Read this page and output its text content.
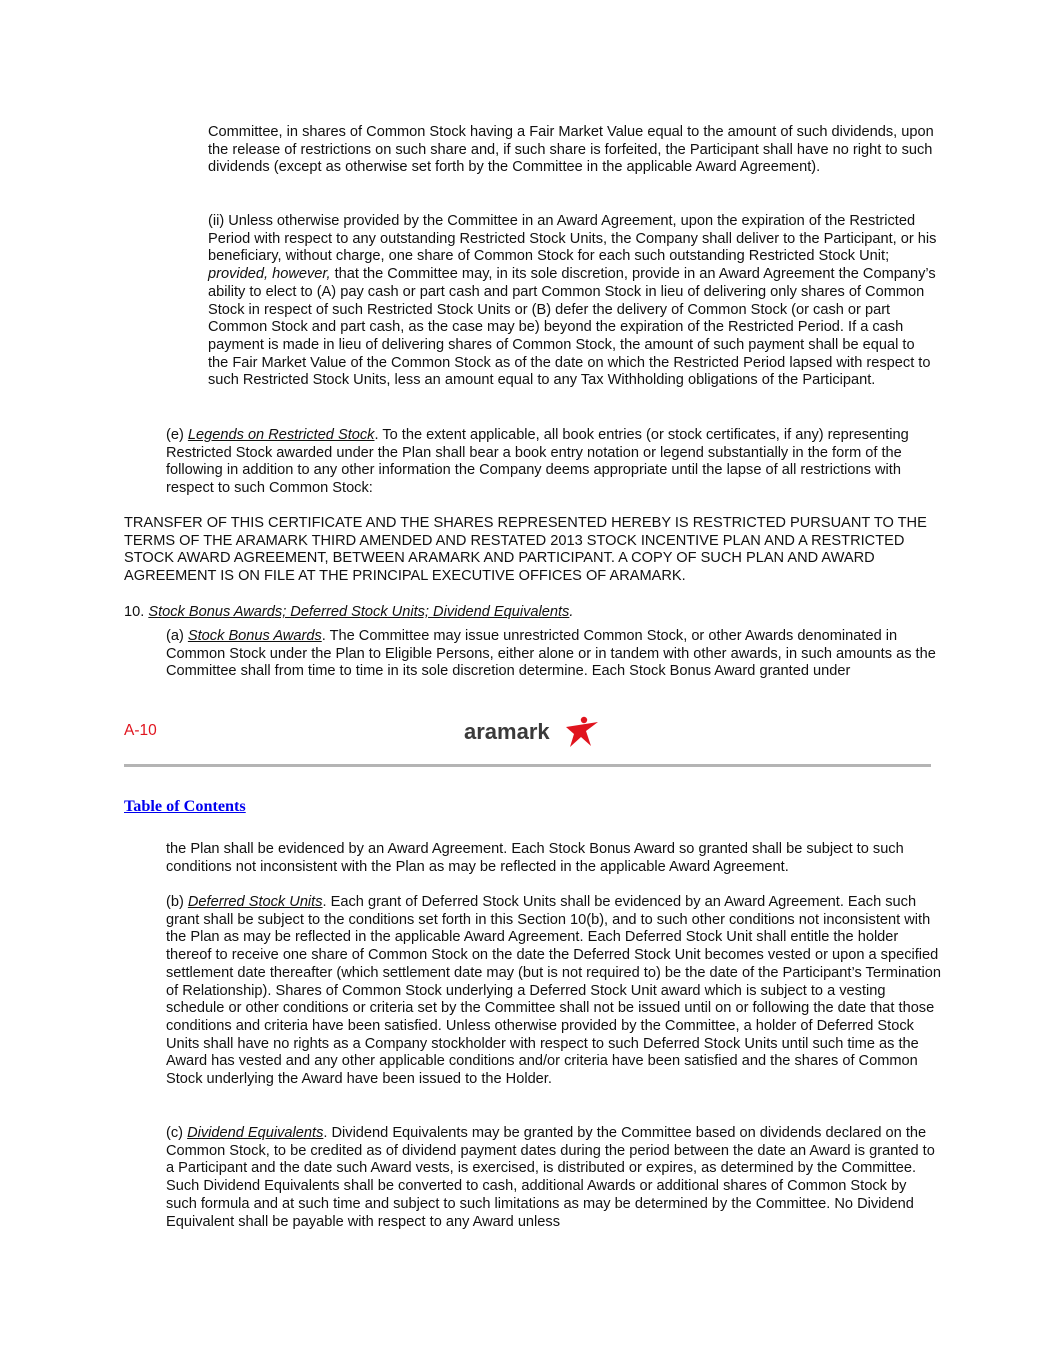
Committee, in shares of Common Stock having a Fair Market Value equal to the amount of such dividends, upon the release of restrictions on such share and, if such share is forfeited, the Participant shall have no right to such dividends (except as otherwise set forth by the Committee in the applicable Award Agreement).

(ii) Unless otherwise provided by the Committee in an Award Agreement, upon the expiration of the Restricted Period with respect to any outstanding Restricted Stock Units, the Company shall deliver to the Participant, or his beneficiary, without charge, one share of Common Stock for each such outstanding Restricted Stock Unit; provided, however, that the Committee may, in its sole discretion, provide in an Award Agreement the Company’s ability to elect to (A) pay cash or part cash and part Common Stock in lieu of delivering only shares of Common Stock in respect of such Restricted Stock Units or (B) defer the delivery of Common Stock (or cash or part Common Stock and part cash, as the case may be) beyond the expiration of the Restricted Period. If a cash payment is made in lieu of delivering shares of Common Stock, the amount of such payment shall be equal to the Fair Market Value of the Common Stock as of the date on which the Restricted Period lapsed with respect to such Restricted Stock Units, less an amount equal to any Tax Withholding obligations of the Participant.

(e) Legends on Restricted Stock. To the extent applicable, all book entries (or stock certificates, if any) representing Restricted Stock awarded under the Plan shall bear a book entry notation or legend substantially in the form of the following in addition to any other information the Company deems appropriate until the lapse of all restrictions with respect to such Common Stock:

TRANSFER OF THIS CERTIFICATE AND THE SHARES REPRESENTED HEREBY IS RESTRICTED PURSUANT TO THE TERMS OF THE ARAMARK THIRD AMENDED AND RESTATED 2013 STOCK INCENTIVE PLAN AND A RESTRICTED STOCK AWARD AGREEMENT, BETWEEN ARAMARK AND PARTICIPANT. A COPY OF SUCH PLAN AND AWARD AGREEMENT IS ON FILE AT THE PRINCIPAL EXECUTIVE OFFICES OF ARAMARK.

10. Stock Bonus Awards; Deferred Stock Units; Dividend Equivalents.

(a) Stock Bonus Awards. The Committee may issue unrestricted Common Stock, or other Awards denominated in Common Stock under the Plan to Eligible Persons, either alone or in tandem with other awards, in such amounts as the Committee shall from time to time in its sole discretion determine. Each Stock Bonus Award granted under

A-10	aramark
Table of Contents

the Plan shall be evidenced by an Award Agreement. Each Stock Bonus Award so granted shall be subject to such conditions not inconsistent with the Plan as may be reflected in the applicable Award Agreement.

(b) Deferred Stock Units. Each grant of Deferred Stock Units shall be evidenced by an Award Agreement. Each such grant shall be subject to the conditions set forth in this Section 10(b), and to such other conditions not inconsistent with the Plan as may be reflected in the applicable Award Agreement. Each Deferred Stock Unit shall entitle the holder thereof to receive one share of Common Stock on the date the Deferred Stock Unit becomes vested or upon a specified settlement date thereafter (which settlement date may (but is not required to) be the date of the Participant’s Termination of Relationship). Shares of Common Stock underlying a Deferred Stock Unit award which is subject to a vesting schedule or other conditions or criteria set by the Committee shall not be issued until on or following the date that those conditions and criteria have been satisfied. Unless otherwise provided by the Committee, a holder of Deferred Stock Units shall have no rights as a Company stockholder with respect to such Deferred Stock Units until such time as the Award has vested and any other applicable conditions and/or criteria have been satisfied and the shares of Common Stock underlying the Award have been issued to the Holder.

(c) Dividend Equivalents. Dividend Equivalents may be granted by the Committee based on dividends declared on the Common Stock, to be credited as of dividend payment dates during the period between the date an Award is granted to a Participant and the date such Award vests, is exercised, is distributed or expires, as determined by the Committee. Such Dividend Equivalents shall be converted to cash, additional Awards or additional shares of Common Stock by such formula and at such time and subject to such limitations as may be determined by the Committee. No Dividend Equivalent shall be payable with respect to any Award unless
